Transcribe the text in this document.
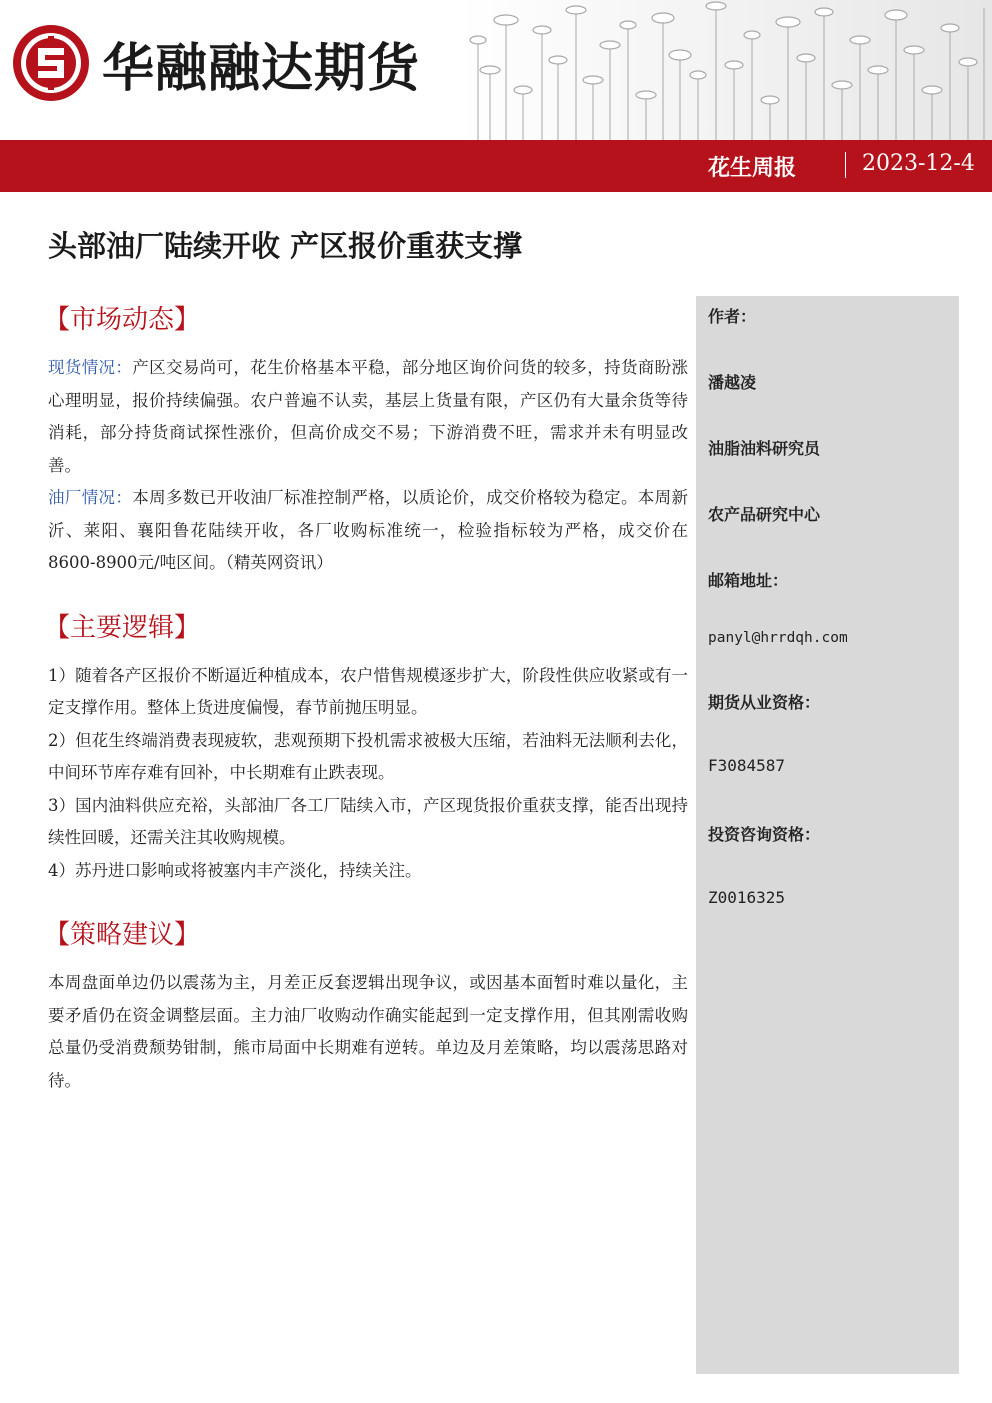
华融融达期货
花生周报	2023-12-4
头部油厂陆续开收 产区报价重获支撑
【市场动态】

现货情况：产区交易尚可，花生价格基本平稳，部分地区询价问货的较多，持货商盼涨心理明显，报价持续偏强。农户普遍不认卖，基层上货量有限，产区仍有大量余货等待消耗，部分持货商试探性涨价，但高价成交不易；下游消费不旺，需求并未有明显改善。

油厂情况：本周多数已开收油厂标准控制严格，以质论价，成交价格较为稳定。本周新沂、莱阳、襄阳鲁花陆续开收，各厂收购标准统一，检验指标较为严格，成交价在8600-8900元/吨区间。（精英网资讯）

【主要逻辑】

1）随着各产区报价不断逼近种植成本，农户惜售规模逐步扩大，阶段性供应收紧或有一定支撑作用。整体上货进度偏慢，春节前抛压明显。

2）但花生终端消费表现疲软，悲观预期下投机需求被极大压缩，若油料无法顺利去化，中间环节库存难有回补，中长期难有止跌表现。

3）国内油料供应充裕，头部油厂各工厂陆续入市，产区现货报价重获支撑，能否出现持续性回暖，还需关注其收购规模。

4）苏丹进口影响或将被塞内丰产淡化，持续关注。

【策略建议】

本周盘面单边仍以震荡为主，月差正反套逻辑出现争议，或因基本面暂时难以量化，主要矛盾仍在资金调整层面。主力油厂收购动作确实能起到一定支撑作用，但其刚需收购总量仍受消费颓势钳制，熊市局面中长期难有逆转。单边及月差策略，均以震荡思路对待。

作者：
潘越凌
油脂油料研究员
农产品研究中心
邮箱地址：
panyl@hrrdqh.com
期货从业资格：
F3084587
投资咨询资格：
Z0016325
